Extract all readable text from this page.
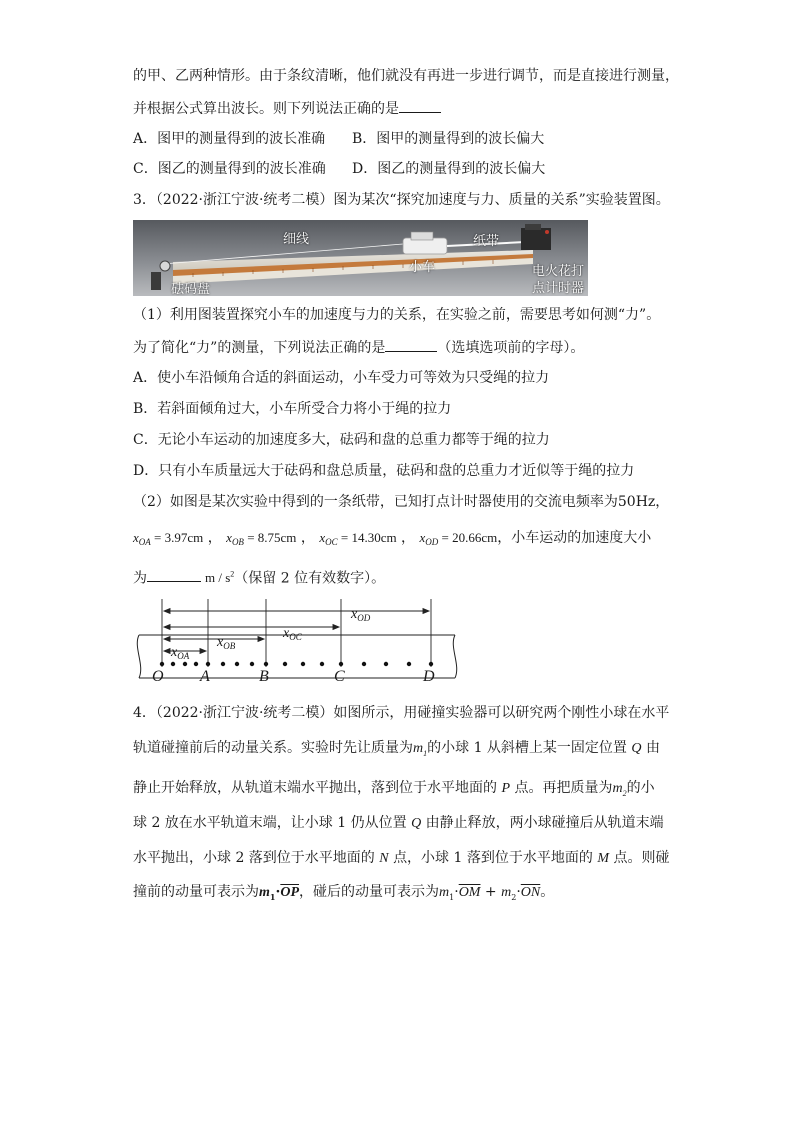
的甲、乙两种情形。由于条纹清晰，他们就没有再进一步进行调节，而是直接进行测量，
并根据公式算出波长。则下列说法正确的是
A．图甲的测量得到的波长准确 B．图甲的测量得到的波长偏大
C．图乙的测量得到的波长准确 D．图乙的测量得到的波长偏大
3．（2022·浙江宁波·统考二模）图为某次“探究加速度与力、质量的关系”实验装置图。
细线	纸带
小车
砝码盘
电火花打
点计时器
（1）利用图装置探究小车的加速度与力的关系，在实验之前，需要思考如何测“力”。
为了简化“力”的测量，下列说法正确的是	（选填选项前的字母）。
A．使小车沿倾角合适的斜面运动，小车受力可等效为只受绳的拉力
B．若斜面倾角过大，小车所受合力将小于绳的拉力
C．无论小车运动的加速度多大，砝码和盘的总重力都等于绳的拉力
D．只有小车质量远大于砝码和盘总质量，砝码和盘的总重力才近似等于绳的拉力
（2）如图是某次实验中得到的一条纸带，已知打点计时器使用的交流电频率为50Hz，
$x_{OA} = 3.97cm$ ， $x_{OB} = 8.75cm$ ， $x_{OC} = 14.30cm$ ， $x_{OD} = 20.66cm$，小车运动的加速度大小
为	m / $s^2$（保留 2 位有效数字）。
$x_{OD}$
$x_{OC}$
$x_{OB}$
$x_{OA}$
O A	B	C	D
4．（2022·浙江宁波·统考二模）如图所示，用碰撞实验器可以研究两个刚性小球在水平
轨道碰撞前后的动量关系。实验时先让质量为$m_1$的小球 1 从斜槽上某一固定位置 Q 由
静止开始释放，从轨道末端水平抛出，落到位于水平地面的 P 点。再把质量为$m_2$的小
球 2 放在水平轨道末端，让小球 1 仍从位置 Q 由静止释放，两小球碰撞后从轨道末端
水平抛出，小球 2 落到位于水平地面的 N 点，小球 1 落到位于水平地面的 M 点。则碰
撞前的动量可表示为$m_1\cdot\overline{OP}$，碰后的动量可表示为$m_1\cdot\overline{OM} + m_2\cdot\overline{ON}$。
